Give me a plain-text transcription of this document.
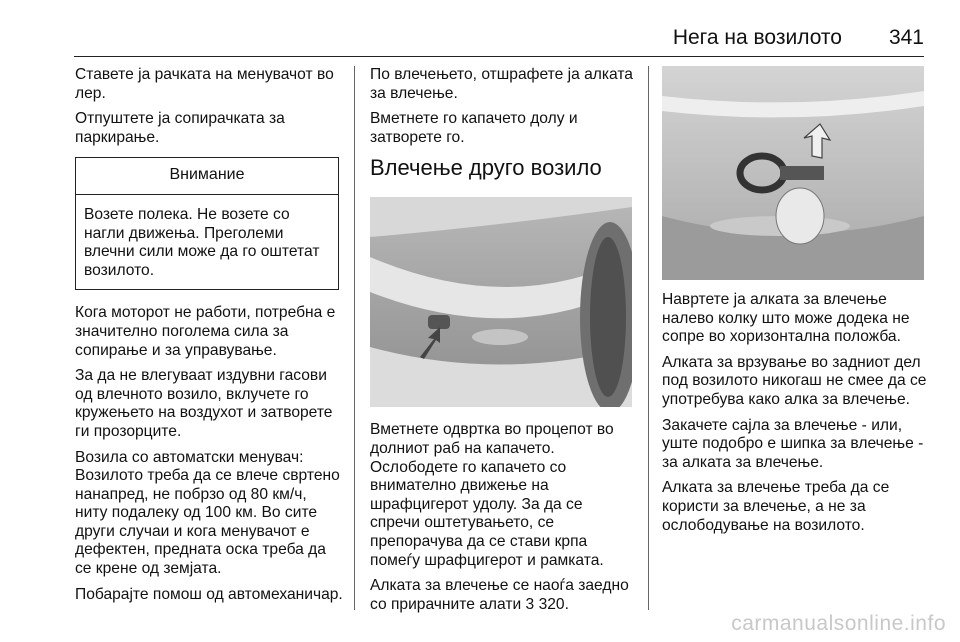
Нега на возилото 341

Ставете ја рачката на менувачот во лер.

Отпуштете ја сопирачката за паркирање.

Внимание
Возете полека. Не возете со нагли движења. Преголеми влечни сили може да го оштетат возилото.

Кога моторот не работи, потребна е значително поголема сила за сопирање и за управување.

За да не влегуваат издувни гасови од влечното возило, вклучете го кружењето на воздухот и затворете ги прозорците.

Возила со автоматски менувач: Возилото треба да се влече свртено нанапред, не побрзо од 80 км/ч, ниту подалеку од 100 км. Во сите други случаи и кога менувачот е дефектен, предната оска треба да се крене од земјата.

Побарајте помош од автомеханичар.

По влечењето, отшрафете ја алката за влечење.

Вметнете го капачето долу и затворете го.

Влечење друго возило

Вметнете одвртка во процепот во долниот раб на капачето. Ослободете го капачето со внимателно движење на шрафцигерот удолу. За да се спречи оштетувањето, се препорачува да се стави крпа помеѓу шрафцигерот и рамката.

Алката за влечење се наоѓа заедно со прирачните алати 3 320.

Навртете ја алката за влечење налево колку што може додека не сопре во хоризонтална положба.

Алката за врзување во задниот дел под возилото никогаш не смее да се употребува како алка за влечење.

Закачете сајла за влечење - или, уште подобро е шипка за влечење - за алката за влечење.

Алката за влечење треба да се користи за влечење, а не за ослободување на возилото.

carmanualsonline.info
